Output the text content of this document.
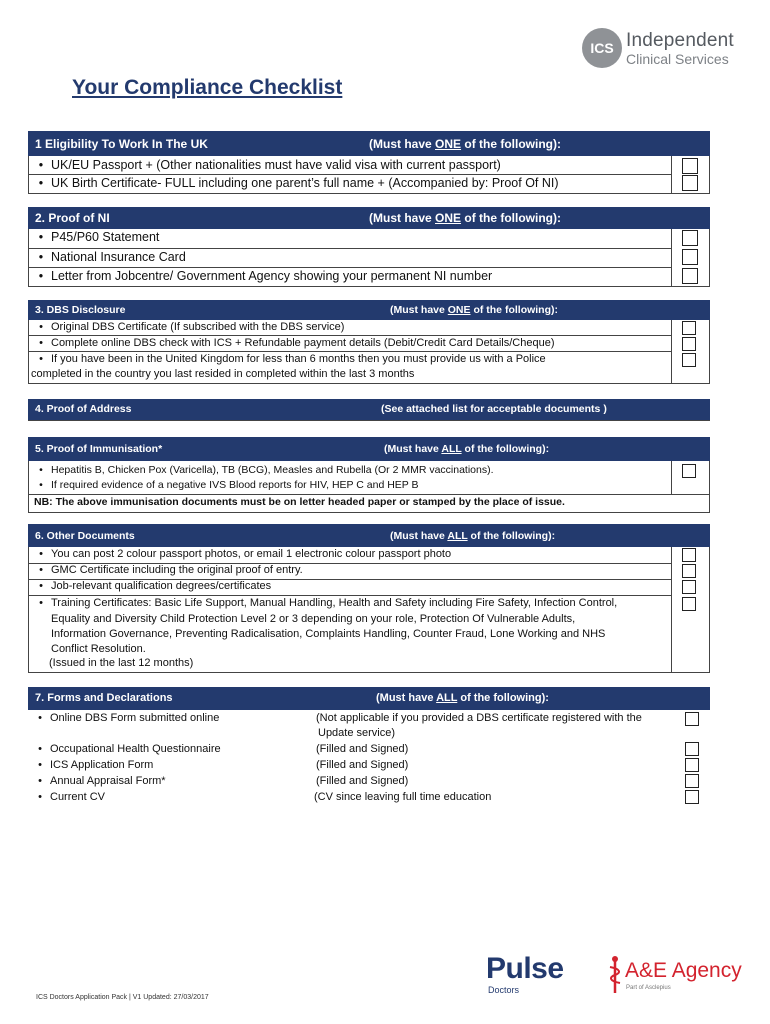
ICS Independent
Clinical Services
Your Compliance Checklist
1 Eligibility To Work In The UK	(Must have ONE of the following):
• UK/EU Passport + (Other nationalities must have valid visa with current passport)
• UK Birth Certificate- FULL including one parent’s full name + (Accompanied by: Proof Of NI)
2. Proof of NI	(Must have ONE of the following):
• P45/P60 Statement
• National Insurance Card
• Letter from Jobcentre/ Government Agency showing your permanent NI number
3. DBS Disclosure	(Must have ONE of the following):
• Original DBS Certificate (If subscribed with the DBS service)
• Complete online DBS check with ICS + Refundable payment details (Debit/Credit Card Details/Cheque)
• If you have been in the United Kingdom for less than 6 months then you must provide us with a Police
completed in the country you last resided in completed within the last 3 months
4. Proof of Address	(See attached list for acceptable documents )
5. Proof of Immunisation*	(Must have ALL of the following):
• Hepatitis B, Chicken Pox (Varicella), TB (BCG), Measles and Rubella (Or 2 MMR vaccinations).
• If required evidence of a negative IVS Blood reports for HIV, HEP C and HEP B
NB: The above immunisation documents must be on letter headed paper or stamped by the place of issue.
6. Other Documents	(Must have ALL of the following):
• You can post 2 colour passport photos, or email 1 electronic colour passport photo
• GMC Certificate including the original proof of entry.
• Job-relevant qualification degrees/certificates
• Training Certificates: Basic Life Support, Manual Handling, Health and Safety including Fire Safety, Infection Control,
Equality and Diversity Child Protection Level 2 or 3 depending on your role, Protection Of Vulnerable Adults,
Information Governance, Preventing Radicalisation, Complaints Handling, Counter Fraud, Lone Working and NHS
Conflict Resolution.
(Issued in the last 12 months)
7. Forms and Declarations	(Must have ALL of the following):
• Online DBS Form submitted online	(Not applicable if you provided a DBS certificate registered with the
Update service)
• Occupational Health Questionnaire	(Filled and Signed)
• ICS Application Form	(Filled and Signed)
• Annual Appraisal Form*	(Filled and Signed)
• Current CV	(CV since leaving full time education
ICS Doctors Application Pack | V1 Updated: 27/03/2017
Pulse
Doctors
A&E Agency
Part of Asclepius
